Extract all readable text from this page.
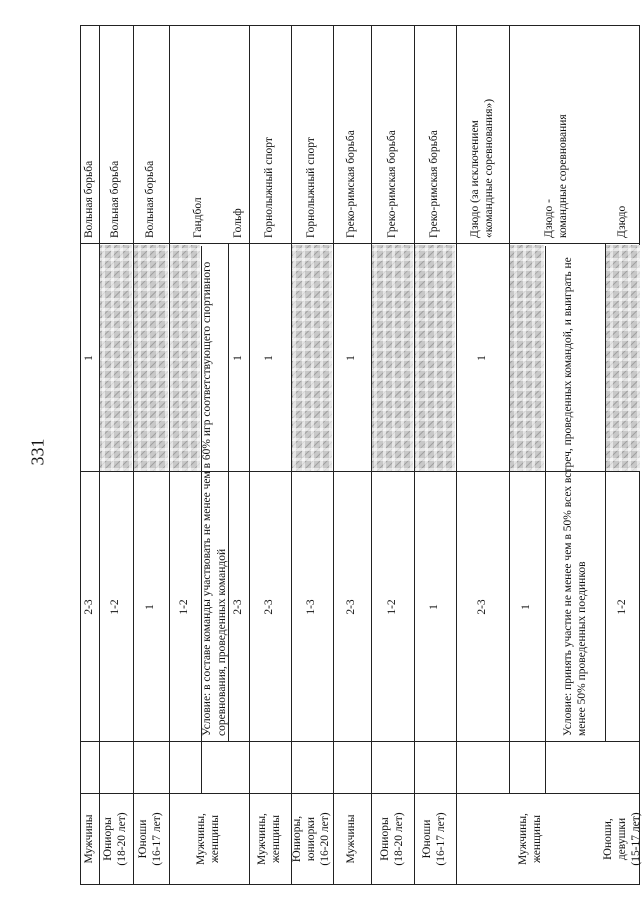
331
Мужчины
Вольная борьба
1
2-3
Юниоры
(18-20 лет)
Вольная борьба
1-2
Юноши
(16-17 лет)
Вольная борьба
1
Мужчины,
женщины
Гандбол
1-2 Условие: в составе команды участвовать не менее чем в 60% игр соответствующего спортивного соревнования, проведенных командой
Гольф
1
2-3
Мужчины,
женщины
Горнолыжный спорт
1
2-3
Юниоры, юниорки
(16-20 лет)
Горнолыжный спорт
1-3
Мужчины
Греко-римская борьба
1
2-3
Юниоры
(18-20 лет)
Греко-римская борьба
1-2
Юноши
(16-17 лет)
Греко-римская борьба
1
Мужчины,
женщины
Дзюдо (за исключением
«командные соревнования»)
1
2-3
Дзюдо -
командные соревнования
1	Условие: принять участие не менее чем в 50% всех встреч, проведенных командой, и выиграть не менее 50% проведенных поединков
Юноши, девушки
(15-17 лет)
Дзюдо
1-2
